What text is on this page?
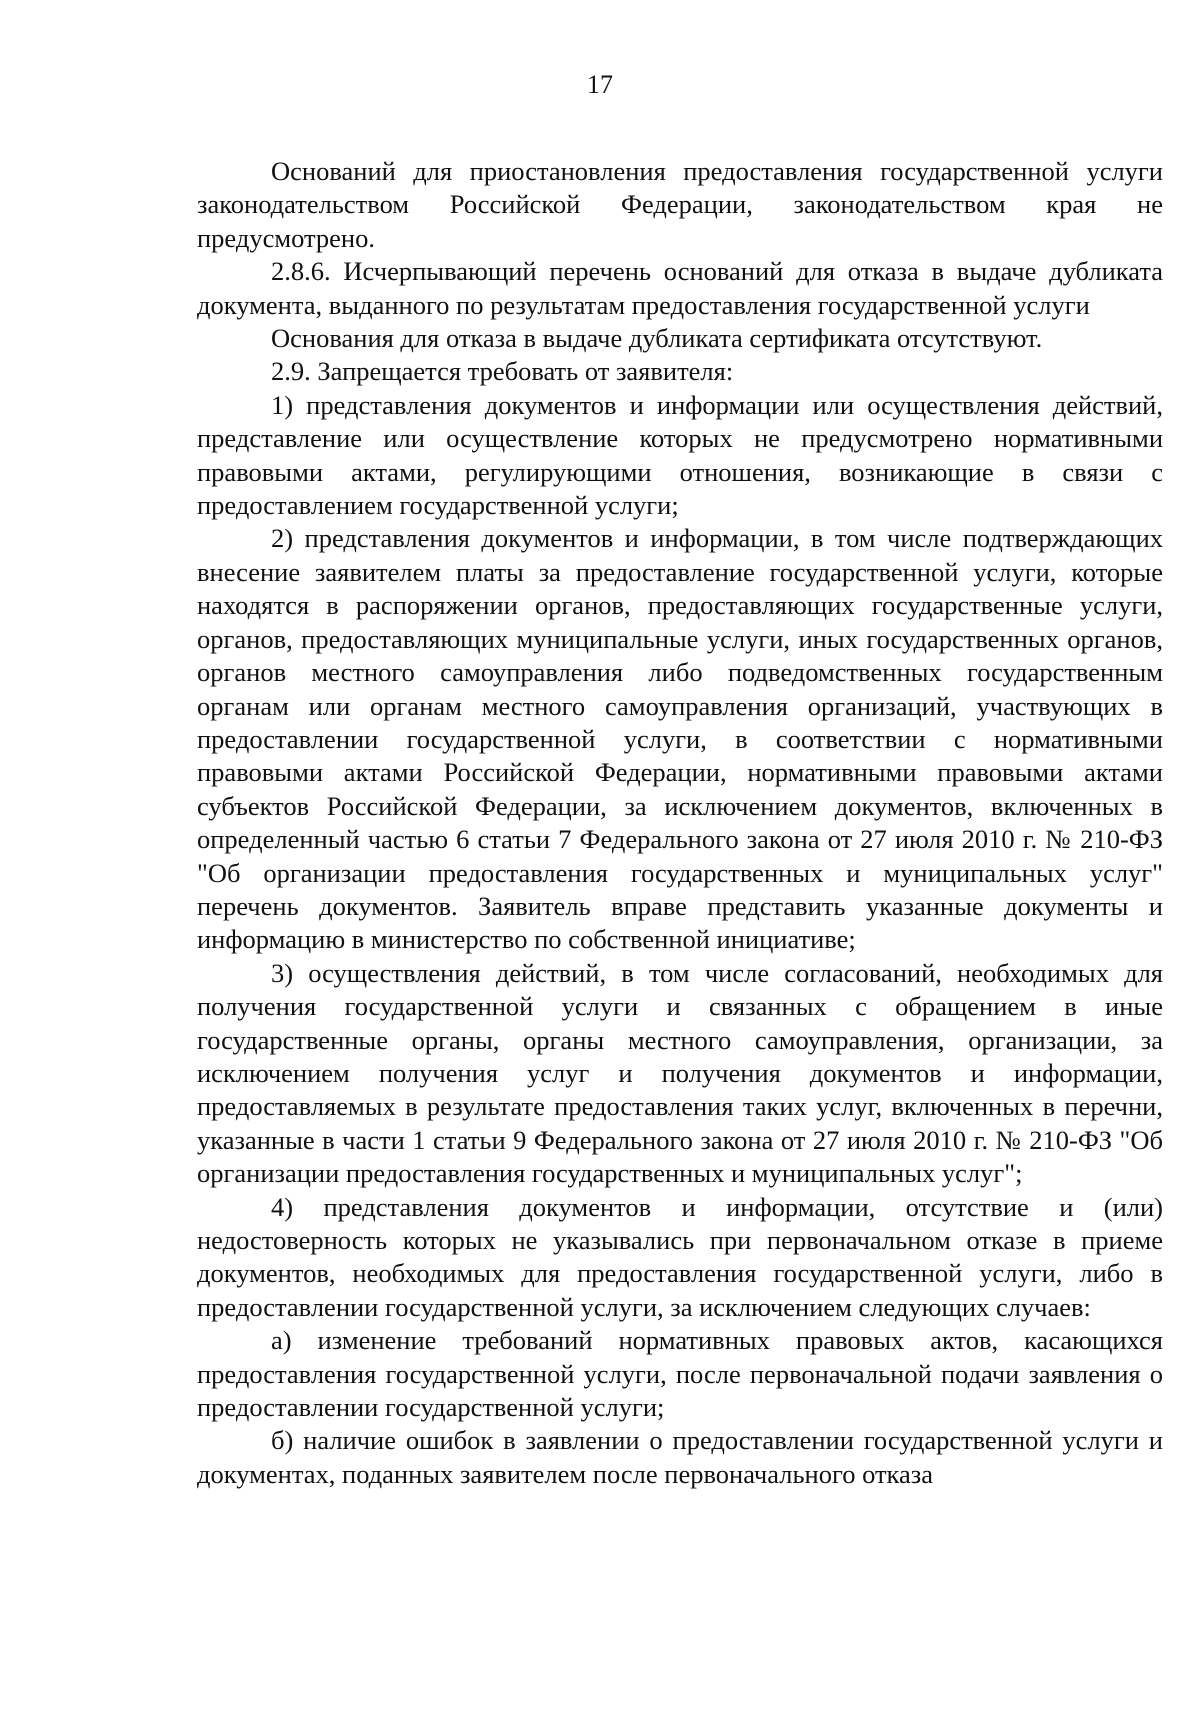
17

Оснований для приостановления предоставления государственной услуги законодательством Российской Федерации, законодательством края не предусмотрено.

2.8.6. Исчерпывающий перечень оснований для отказа в выдаче дубликата документа, выданного по результатам предоставления государственной услуги

Основания для отказа в выдаче дубликата сертификата отсутствуют.

2.9. Запрещается требовать от заявителя:

1) представления документов и информации или осуществления действий, представление или осуществление которых не предусмотрено нормативными правовыми актами, регулирующими отношения, возникающие в связи с предоставлением государственной услуги;

2) представления документов и информации, в том числе подтверждающих внесение заявителем платы за предоставление государственной услуги, которые находятся в распоряжении органов, предоставляющих государственные услуги, органов, предоставляющих муниципальные услуги, иных государственных органов, органов местного самоуправления либо подведомственных государственным органам или органам местного самоуправления организаций, участвующих в предоставлении государственной услуги, в соответствии с нормативными правовыми актами Российской Федерации, нормативными правовыми актами субъектов Российской Федерации, за исключением документов, включенных в определенный частью 6 статьи 7 Федерального закона от 27 июля 2010 г. № 210-ФЗ "Об организации предоставления государственных и муниципальных услуг" перечень документов. Заявитель вправе представить указанные документы и информацию в министерство по собственной инициативе;

3) осуществления действий, в том числе согласований, необходимых для получения государственной услуги и связанных с обращением в иные государственные органы, органы местного самоуправления, организации, за исключением получения услуг и получения документов и информации, предоставляемых в результате предоставления таких услуг, включенных в перечни, указанные в части 1 статьи 9 Федерального закона от 27 июля 2010 г. № 210-ФЗ "Об организации предоставления государственных и муниципальных услуг";

4) представления документов и информации, отсутствие и (или) недостоверность которых не указывались при первоначальном отказе в приеме документов, необходимых для предоставления государственной услуги, либо в предоставлении государственной услуги, за исключением следующих случаев:

а) изменение требований нормативных правовых актов, касающихся предоставления государственной услуги, после первоначальной подачи заявления о предоставлении государственной услуги;

б) наличие ошибок в заявлении о предоставлении государственной услуги и документах, поданных заявителем после первоначального отказа
